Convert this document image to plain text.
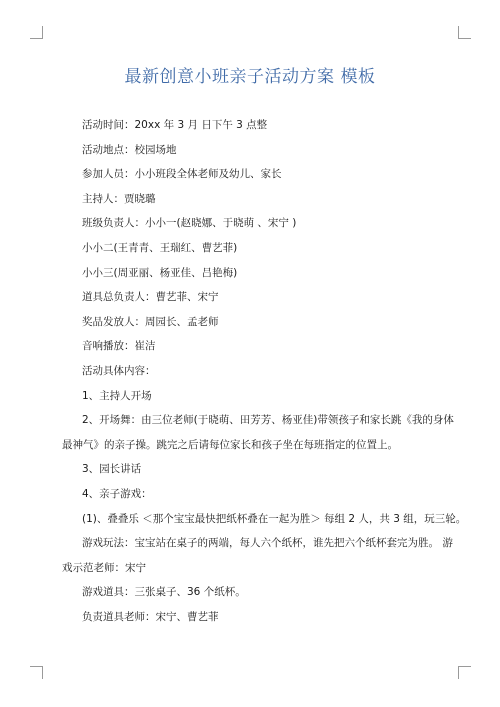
最新创意小班亲子活动方案 模板

活动时间：20xx 年 3 月 日下午 3 点整

活动地点：校园场地

参加人员：小小班段全体老师及幼儿、家长

主持人：贾晓璐

班级负责人：小小一(赵晓娜、于晓萌 、宋宁 )

小小二(王青青、王瑞红、曹艺菲)

小小三(周亚丽、杨亚佳、吕艳梅)

道具总负责人：曹艺菲、宋宁

奖品发放人：周园长、孟老师

音响播放：崔洁

活动具体内容：

1、主持人开场

2、开场舞：由三位老师(于晓萌、田芳芳、杨亚佳)带领孩子和家长跳《我的身体
最神气》的亲子操。跳完之后请每位家长和孩子坐在每班指定的位置上。

3、园长讲话

4、亲子游戏：

(1)、叠叠乐 ＜那个宝宝最快把纸杯叠在一起为胜＞ 每组 2 人，共 3 组，玩三轮。

游戏玩法：宝宝站在桌子的两端，每人六个纸杯，谁先把六个纸杯套完为胜。 游
戏示范老师：宋宁

游戏道具：三张桌子、36 个纸杯。

负责道具老师：宋宁、曹艺菲
